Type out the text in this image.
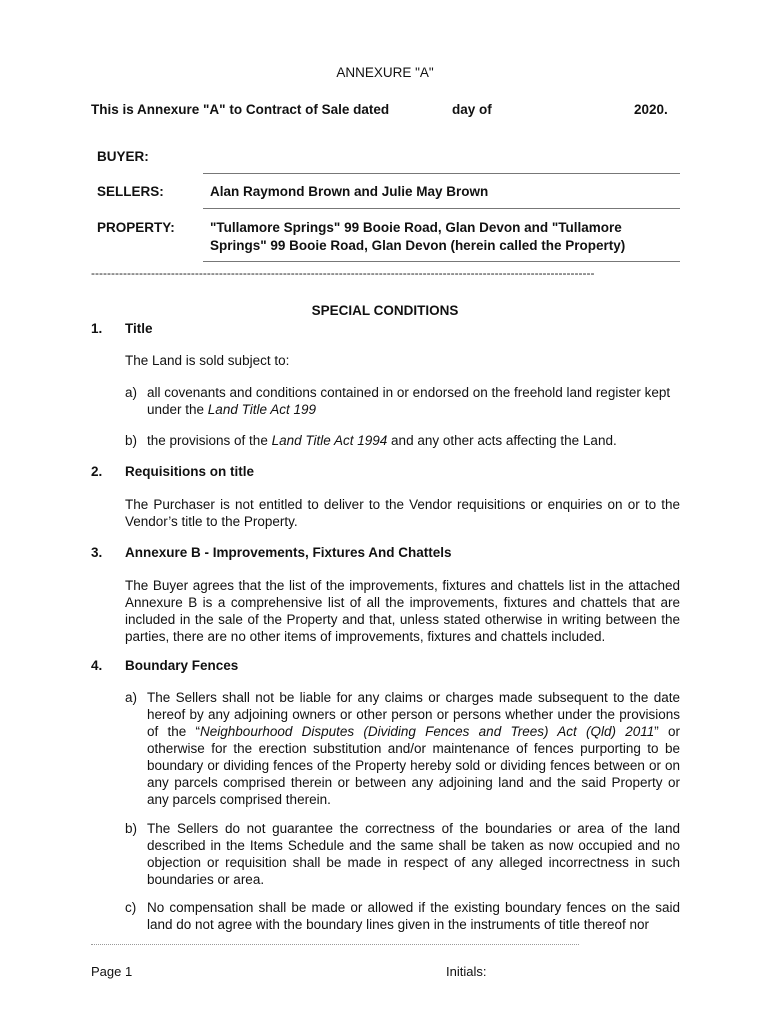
ANNEXURE "A"
This is Annexure "A" to Contract of Sale dated	day of	2020.
BUYER:
SELLERS:	Alan Raymond Brown and Julie May Brown
PROPERTY:	"Tullamore Springs" 99 Booie Road, Glan Devon and "Tullamore
Springs" 99 Booie Road, Glan Devon (herein called the Property)
------------------------------------------------------------------------------------------------------------------------------
SPECIAL CONDITIONS
1. Title
The Land is sold subject to:
a) all covenants and conditions contained in or endorsed on the freehold land register kept under the Land Title Act 199
b) the provisions of the Land Title Act 1994 and any other acts affecting the Land.
2. Requisitions on title
The Purchaser is not entitled to deliver to the Vendor requisitions or enquiries on or to the Vendor’s title to the Property.
3. Annexure B - Improvements, Fixtures And Chattels
The Buyer agrees that the list of the improvements, fixtures and chattels list in the attached Annexure B is a comprehensive list of all the improvements, fixtures and chattels that are included in the sale of the Property and that, unless stated otherwise in writing between the parties, there are no other items of improvements, fixtures and chattels included.
4. Boundary Fences
a) The Sellers shall not be liable for any claims or charges made subsequent to the date hereof by any adjoining owners or other person or persons whether under the provisions of the “Neighbourhood Disputes (Dividing Fences and Trees) Act (Qld) 2011” or otherwise for the erection substitution and/or maintenance of fences purporting to be boundary or dividing fences of the Property hereby sold or dividing fences between or on any parcels comprised therein or between any adjoining land and the said Property or any parcels comprised therein.
b) The Sellers do not guarantee the correctness of the boundaries or area of the land described in the Items Schedule and the same shall be taken as now occupied and no objection or requisition shall be made in respect of any alleged incorrectness in such boundaries or area.
c) No compensation shall be made or allowed if the existing boundary fences on the said land do not agree with the boundary lines given in the instruments of title thereof nor
Page 1	Initials:
